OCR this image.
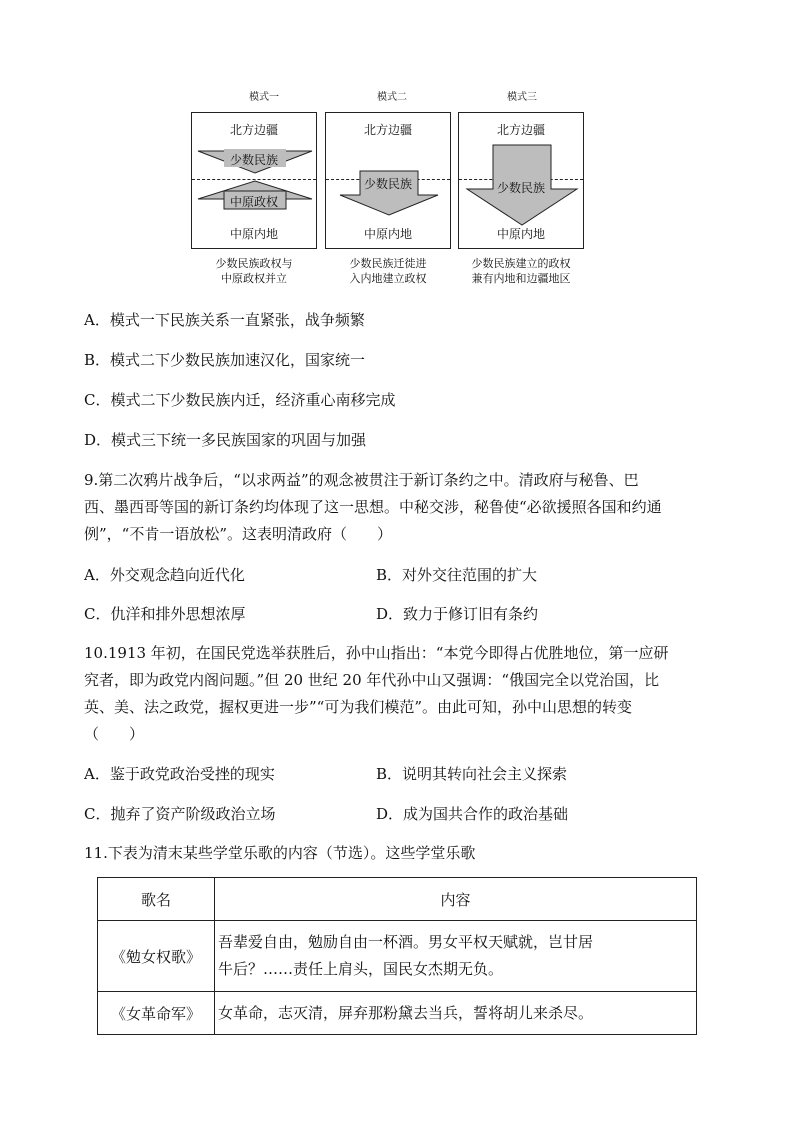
模式一	模式二	模式三
北方边疆
少数民族
中原政权
中原内地
北方边疆
少数民族
中原内地
北方边疆
少数民族
中原内地
少数民族政权与
中原政权并立
少数民族迁徙进
入内地建立政权
少数民族建立的政权
兼有内地和边疆地区
A．模式一下民族关系一直紧张，战争频繁
B．模式二下少数民族加速汉化，国家统一
C．模式二下少数民族内迁，经济重心南移完成
D．模式三下统一多民族国家的巩固与加强
9.第二次鸦片战争后，“以求两益”的观念被贯注于新订条约之中。清政府与秘鲁、巴
西、墨西哥等国的新订条约均体现了这一思想。中秘交涉，秘鲁使“必欲援照各国和约通
例”，“不肯一语放松”。这表明清政府（　　）
A．外交观念趋向近代化	B．对外交往范围的扩大
C．仇洋和排外思想浓厚	D．致力于修订旧有条约
10.1913 年初，在国民党选举获胜后，孙中山指出：“本党今即得占优胜地位，第一应研
究者，即为政党内阁问题。”但 20 世纪 20 年代孙中山又强调：“俄国完全以党治国，比
英、美、法之政党，握权更进一步”“可为我们模范”。由此可知，孙中山思想的转变
（　　）
A．鉴于政党政治受挫的现实	B．说明其转向社会主义探索
C．抛弃了资产阶级政治立场	D．成为国共合作的政治基础
11.下表为清末某些学堂乐歌的内容（节选）。这些学堂乐歌
歌名	内容
《勉女权歌》	吾辈爱自由，勉励自由一杯酒。男女平权天赋就，岂甘居
牛后？……责任上肩头，国民女杰期无负。

《女革命军》	女革命，志灭清，屏弃那粉黛去当兵，誓将胡儿来杀尽。
